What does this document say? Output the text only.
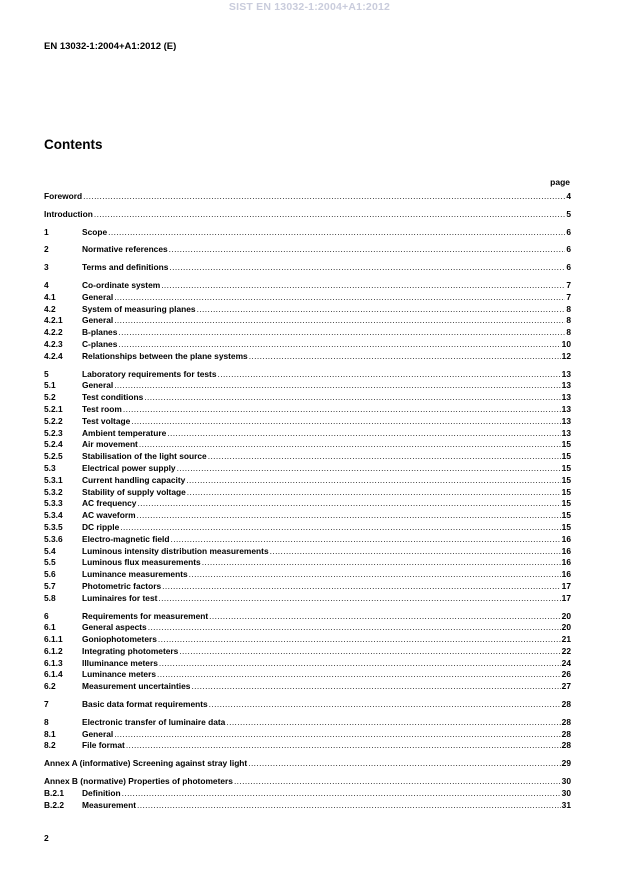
SIST EN 13032-1:2004+A1:2012
EN 13032-1:2004+A1:2012 (E)
Contents
page
Foreword .....	4
Introduction .....	5
1	Scope .....	6
2	Normative references .....	6
3	Terms and definitions .....	6
4	Co-ordinate system .....	7
4.1	General .....	7
4.2	System of measuring planes .....	8
4.2.1	General .....	8
4.2.2	B-planes .....	8
4.2.3	C-planes .....	10
4.2.4	Relationships between the plane systems .....	12
5	Laboratory requirements for tests .....	13
5.1	General .....	13
5.2	Test conditions .....	13
5.2.1	Test room .....	13
5.2.2	Test voltage .....	13
5.2.3	Ambient temperature .....	13
5.2.4	Air movement .....	15
5.2.5	Stabilisation of the light source .....	15
5.3	Electrical power supply .....	15
5.3.1	Current handling capacity .....	15
5.3.2	Stability of supply voltage .....	15
5.3.3	AC frequency .....	15
5.3.4	AC waveform .....	15
5.3.5	DC ripple .....	15
5.3.6	Electro-magnetic field .....	16
5.4	Luminous intensity distribution measurements .....	16
5.5	Luminous flux measurements .....	16
5.6	Luminance measurements .....	16
5.7	Photometric factors .....	17
5.8	Luminaires for test .....	17
6	Requirements for measurement .....	20
6.1	General aspects .....	20
6.1.1	Goniophotometers .....	21
6.1.2	Integrating photometers .....	22
6.1.3	Illuminance meters .....	24
6.1.4	Luminance meters .....	26
6.2	Measurement uncertainties .....	27
7	Basic data format requirements .....	28
8	Electronic transfer of luminaire data .....	28
8.1	General .....	28
8.2	File format .....	28
Annex A (informative) Screening against stray light .....	29
Annex B (normative) Properties of photometers .....	30
B.2.1	Definition .....	30
B.2.2	Measurement .....	31
2
